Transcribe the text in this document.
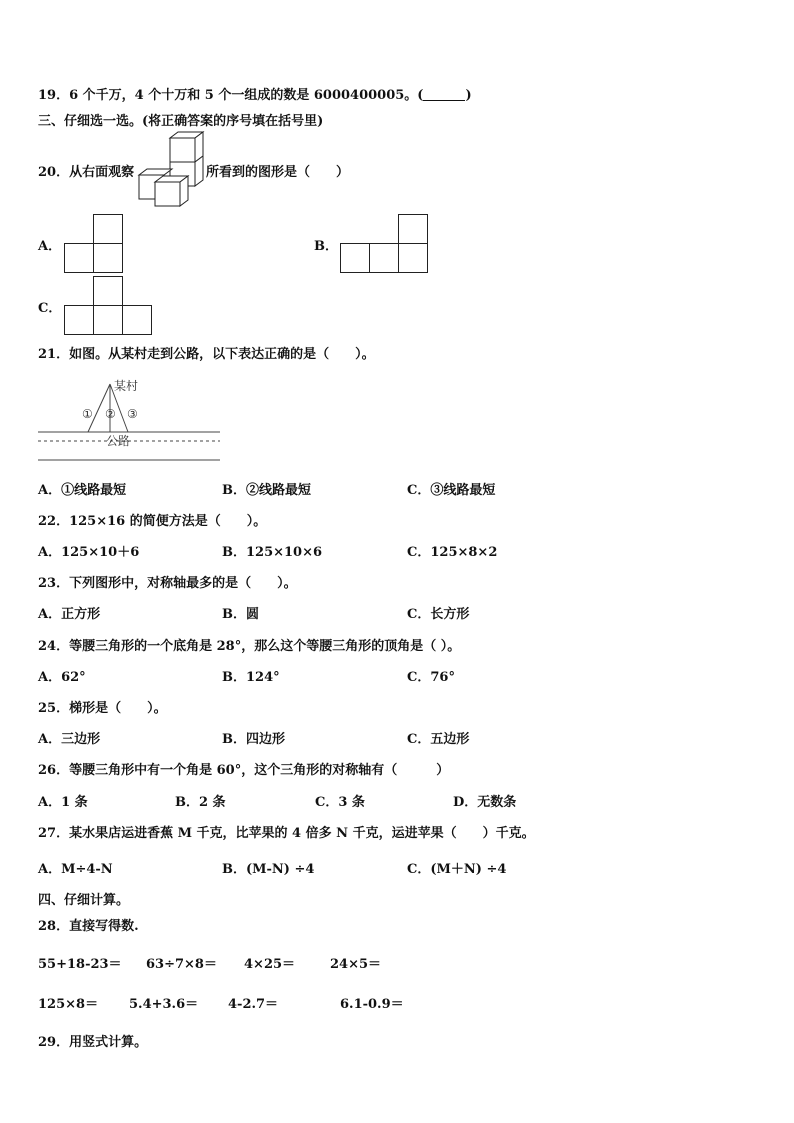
19．6 个千万，4 个十万和 5 个一组成的数是 6000400005。(	)
三、仔细选一选。(将正确答案的序号填在括号里)
20．从右面观察	所看到的图形是（　　）
A．	B．
C．
21．如图。从某村走到公路，以下表达正确的是（　　）。
某村
公路
① ② ③
A．①线路最短	B．②线路最短	C．③线路最短
22．125×16 的简便方法是（　　）。
A．125×10＋6	B．125×10×6	C．125×8×2
23．下列图形中，对称轴最多的是（　　）。
A．正方形	B．圆	C．长方形
24．等腰三角形的一个底角是 28°，那么这个等腰三角形的顶角是（ ）。
A．62°	B．124°	C．76°
25．梯形是（　　）。
A．三边形	B．四边形	C．五边形
26．等腰三角形中有一个角是 60°，这个三角形的对称轴有（　　　）
A．1 条	B．2 条	C．3 条	D．无数条
27．某水果店运进香蕉 M 千克，比苹果的 4 倍多 N 千克，运进苹果（　　）千克。
A．M÷4-N	B．(M-N) ÷4	C．(M＋N) ÷4
四、仔细计算。
28．直接写得数.
55+18-23＝ 63÷7×8＝ 4×25＝	24×5＝
125×8＝ 5.4+3.6＝ 4-2.7＝	6.1-0.9＝
29．用竖式计算。
